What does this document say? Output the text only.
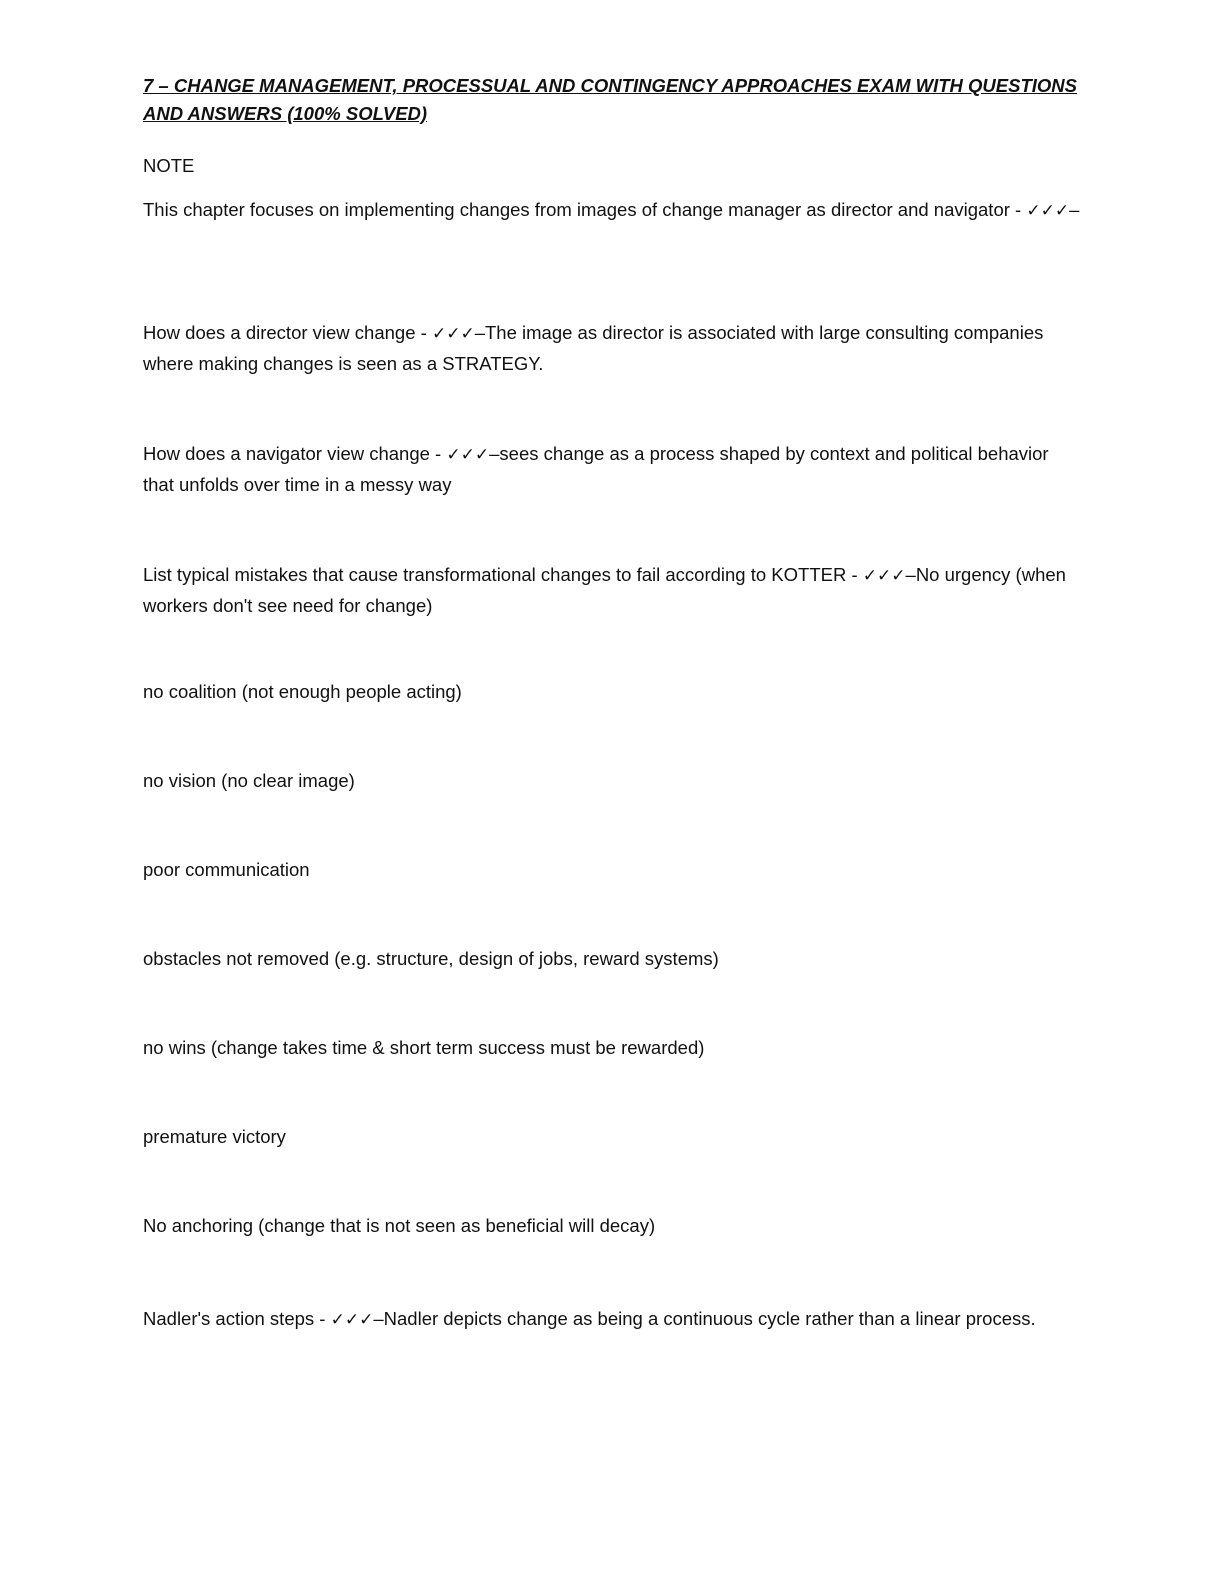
7 – CHANGE MANAGEMENT, PROCESSUAL AND CONTINGENCY APPROACHES EXAM WITH QUESTIONS AND ANSWERS (100% SOLVED)

NOTE

This chapter focuses on implementing changes from images of change manager as director and navigator - ✓✓✓–

How does a director view change - ✓✓✓–The image as director is associated with large consulting companies where making changes is seen as a STRATEGY.

How does a navigator view change - ✓✓✓–sees change as a process shaped by context and political behavior that unfolds over time in a messy way

List typical mistakes that cause transformational changes to fail according to KOTTER - ✓✓✓–No urgency (when workers don't see need for change)

no coalition (not enough people acting)

no vision (no clear image)

poor communication

obstacles not removed (e.g. structure, design of jobs, reward systems)

no wins (change takes time & short term success must be rewarded)

premature victory

No anchoring (change that is not seen as beneficial will decay)

Nadler's action steps - ✓✓✓–Nadler depicts change as being a continuous cycle rather than a linear process.
